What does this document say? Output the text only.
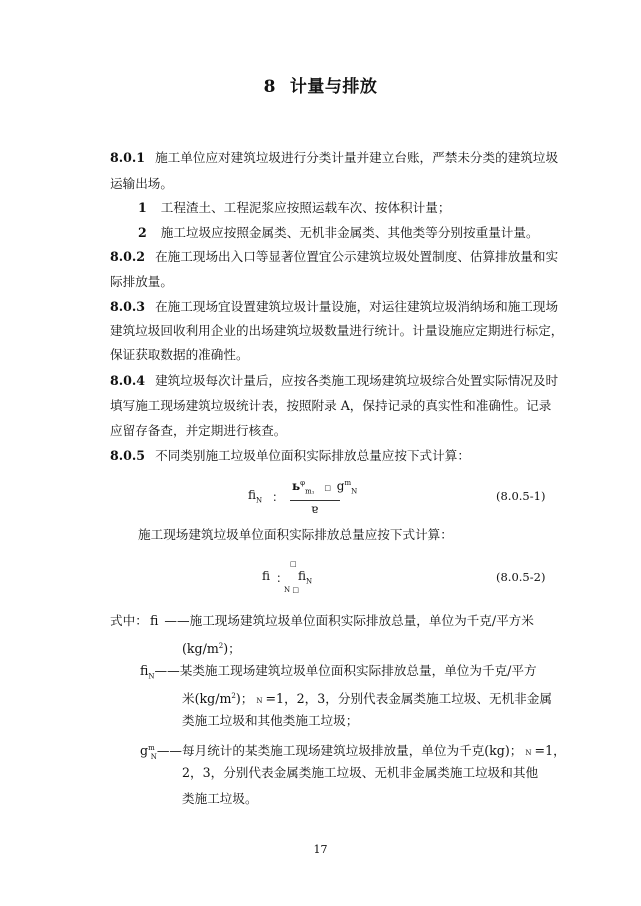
8 计量与排放
8.0.1 施工单位应对建筑垃圾进行分类计量并建立台账，严禁未分类的建筑垃圾
运输出场。
1 工程渣土、工程泥浆应按照运载车次、按体积计量；
2 施工垃圾应按照金属类、无机非金属类、其他类等分别按重量计量。
8.0.2 在施工现场出入口等显著位置宜公示建筑垃圾处置制度、估算排放量和实
际排放量。
8.0.3 在施工现场宜设置建筑垃圾计量设施，对运往建筑垃圾消纳场和施工现场
建筑垃圾回收利用企业的出场建筑垃圾数量进行统计。计量设施应定期进行标定，
保证获取数据的准确性。
8.0.4 建筑垃圾每次计量后，应按各类施工现场建筑垃圾综合处置实际情况及时
填写施工现场建筑垃圾统计表，按照附录 A，保持记录的真实性和准确性。记录
应留存备查，并定期进行核查。
8.0.5 不同类别施工垃圾单位面积实际排放总量应按下式计算：
$fi_N$ ：
$ь^\varphi_{m_1}$ □ $g^m_N$
ɐ
(8.0.5-1)
施工现场建筑垃圾单位面积实际排放总量应按下式计算：
□
fi ： $fi_N$
N □
(8.0.5-2)
式中： fi ——施工现场建筑垃圾单位面积实际排放总量，单位为千克/平方米
$(kg/m^2)$；
$fi_N——$某类施工现场建筑垃圾单位面积实际排放总量，单位为千克/平方
米$(kg/m^2)$； N =1，2，3，分别代表金属类施工垃圾、无机非金属
类施工垃圾和其他类施工垃圾；
$g^m_N——$每月统计的某类施工现场建筑垃圾排放量，单位为千克(kg)； N =1，
2，3，分别代表金属类施工垃圾、无机非金属类施工垃圾和其他
类施工垃圾。
17
